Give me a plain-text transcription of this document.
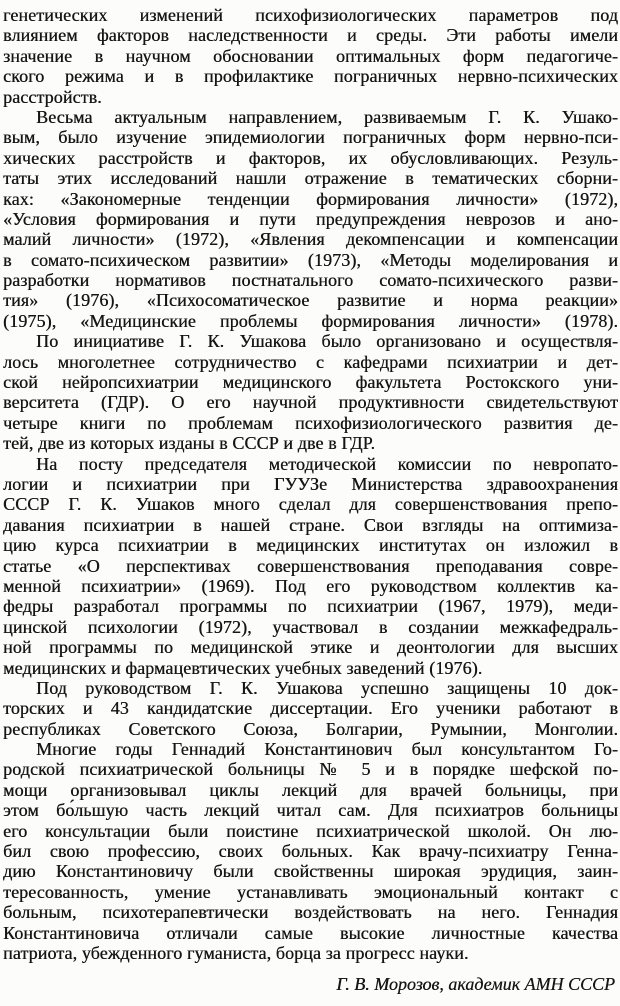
генетических изменений психофизиологических параметров под
влиянием факторов наследственности и среды. Эти работы имели
значение в научном обосновании оптимальных форм педагогиче-
ского режима и в профилактике пограничных нервно-психических
расстройств.
Весьма актуальным направлением, развиваемым Г. К. Ушако-
вым, было изучение эпидемиологии пограничных форм нервно-пси-
хических расстройств и факторов, их обусловливающих. Резуль-
таты этих исследований нашли отражение в тематических сборни-
ках: «Закономерные тенденции формирования личности» (1972),
«Условия формирования и пути предупреждения неврозов и ано-
малий личности» (1972), «Явления декомпенсации и компенсации
в сомато-психическом развитии» (1973), «Методы моделирования и
разработки нормативов постнатального сомато-психического разви-
тия» (1976), «Психосоматическое развитие и норма реакции»
(1975), «Медицинские проблемы формирования личности» (1978).
По инициативе Г. К. Ушакова было организовано и осуществля-
лось многолетнее сотрудничество с кафедрами психиатрии и дет-
ской нейропсихиатрии медицинского факультета Ростокского уни-
верситета (ГДР). О его научной продуктивности свидетельствуют
четыре книги по проблемам психофизиологического развития де-
тей, две из которых изданы в СССР и две в ГДР.
На посту председателя методической комиссии по невропато-
логии и психиатрии при ГУУЗе Министерства здравоохранения
СССР Г. К. Ушаков много сделал для совершенствования препо-
давания психиатрии в нашей стране. Свои взгляды на оптимиза-
цию курса психиатрии в медицинских институтах он изложил в
статье «О перспективах совершенствования преподавания совре-
менной психиатрии» (1969). Под его руководством коллектив ка-
федры разработал программы по психиатрии (1967, 1979), меди-
цинской психологии (1972), участвовал в создании межкафедраль-
ной программы по медицинской этике и деонтологии для высших
медицинских и фармацевтических учебных заведений (1976).
Под руководством Г. К. Ушакова успешно защищены 10 док-
торских и 43 кандидатские диссертации. Его ученики работают в
республиках Советского Союза, Болгарии, Румынии, Монголии.
Многие годы Геннадий Константинович был консультантом Го-
родской психиатрической больницы № 5 и в порядке шефской по-
мощи организовывал циклы лекций для врачей больницы, при
этом бо́льшую часть лекций читал сам. Для психиатров больницы
его консультации были поистине психиатрической школой. Он лю-
бил свою профессию, своих больных. Как врачу-психиатру Генна-
дию Константиновичу были свойственны широкая эрудиция, заин-
тересованность, умение устанавливать эмоциональный контакт с
больным, психотерапевтически воздействовать на него. Геннадия
Константиновича отличали самые высокие личностные качества
патриота, убежденного гуманиста, борца за прогресс науки.
Г. В. Морозов, академик АМН СССР
